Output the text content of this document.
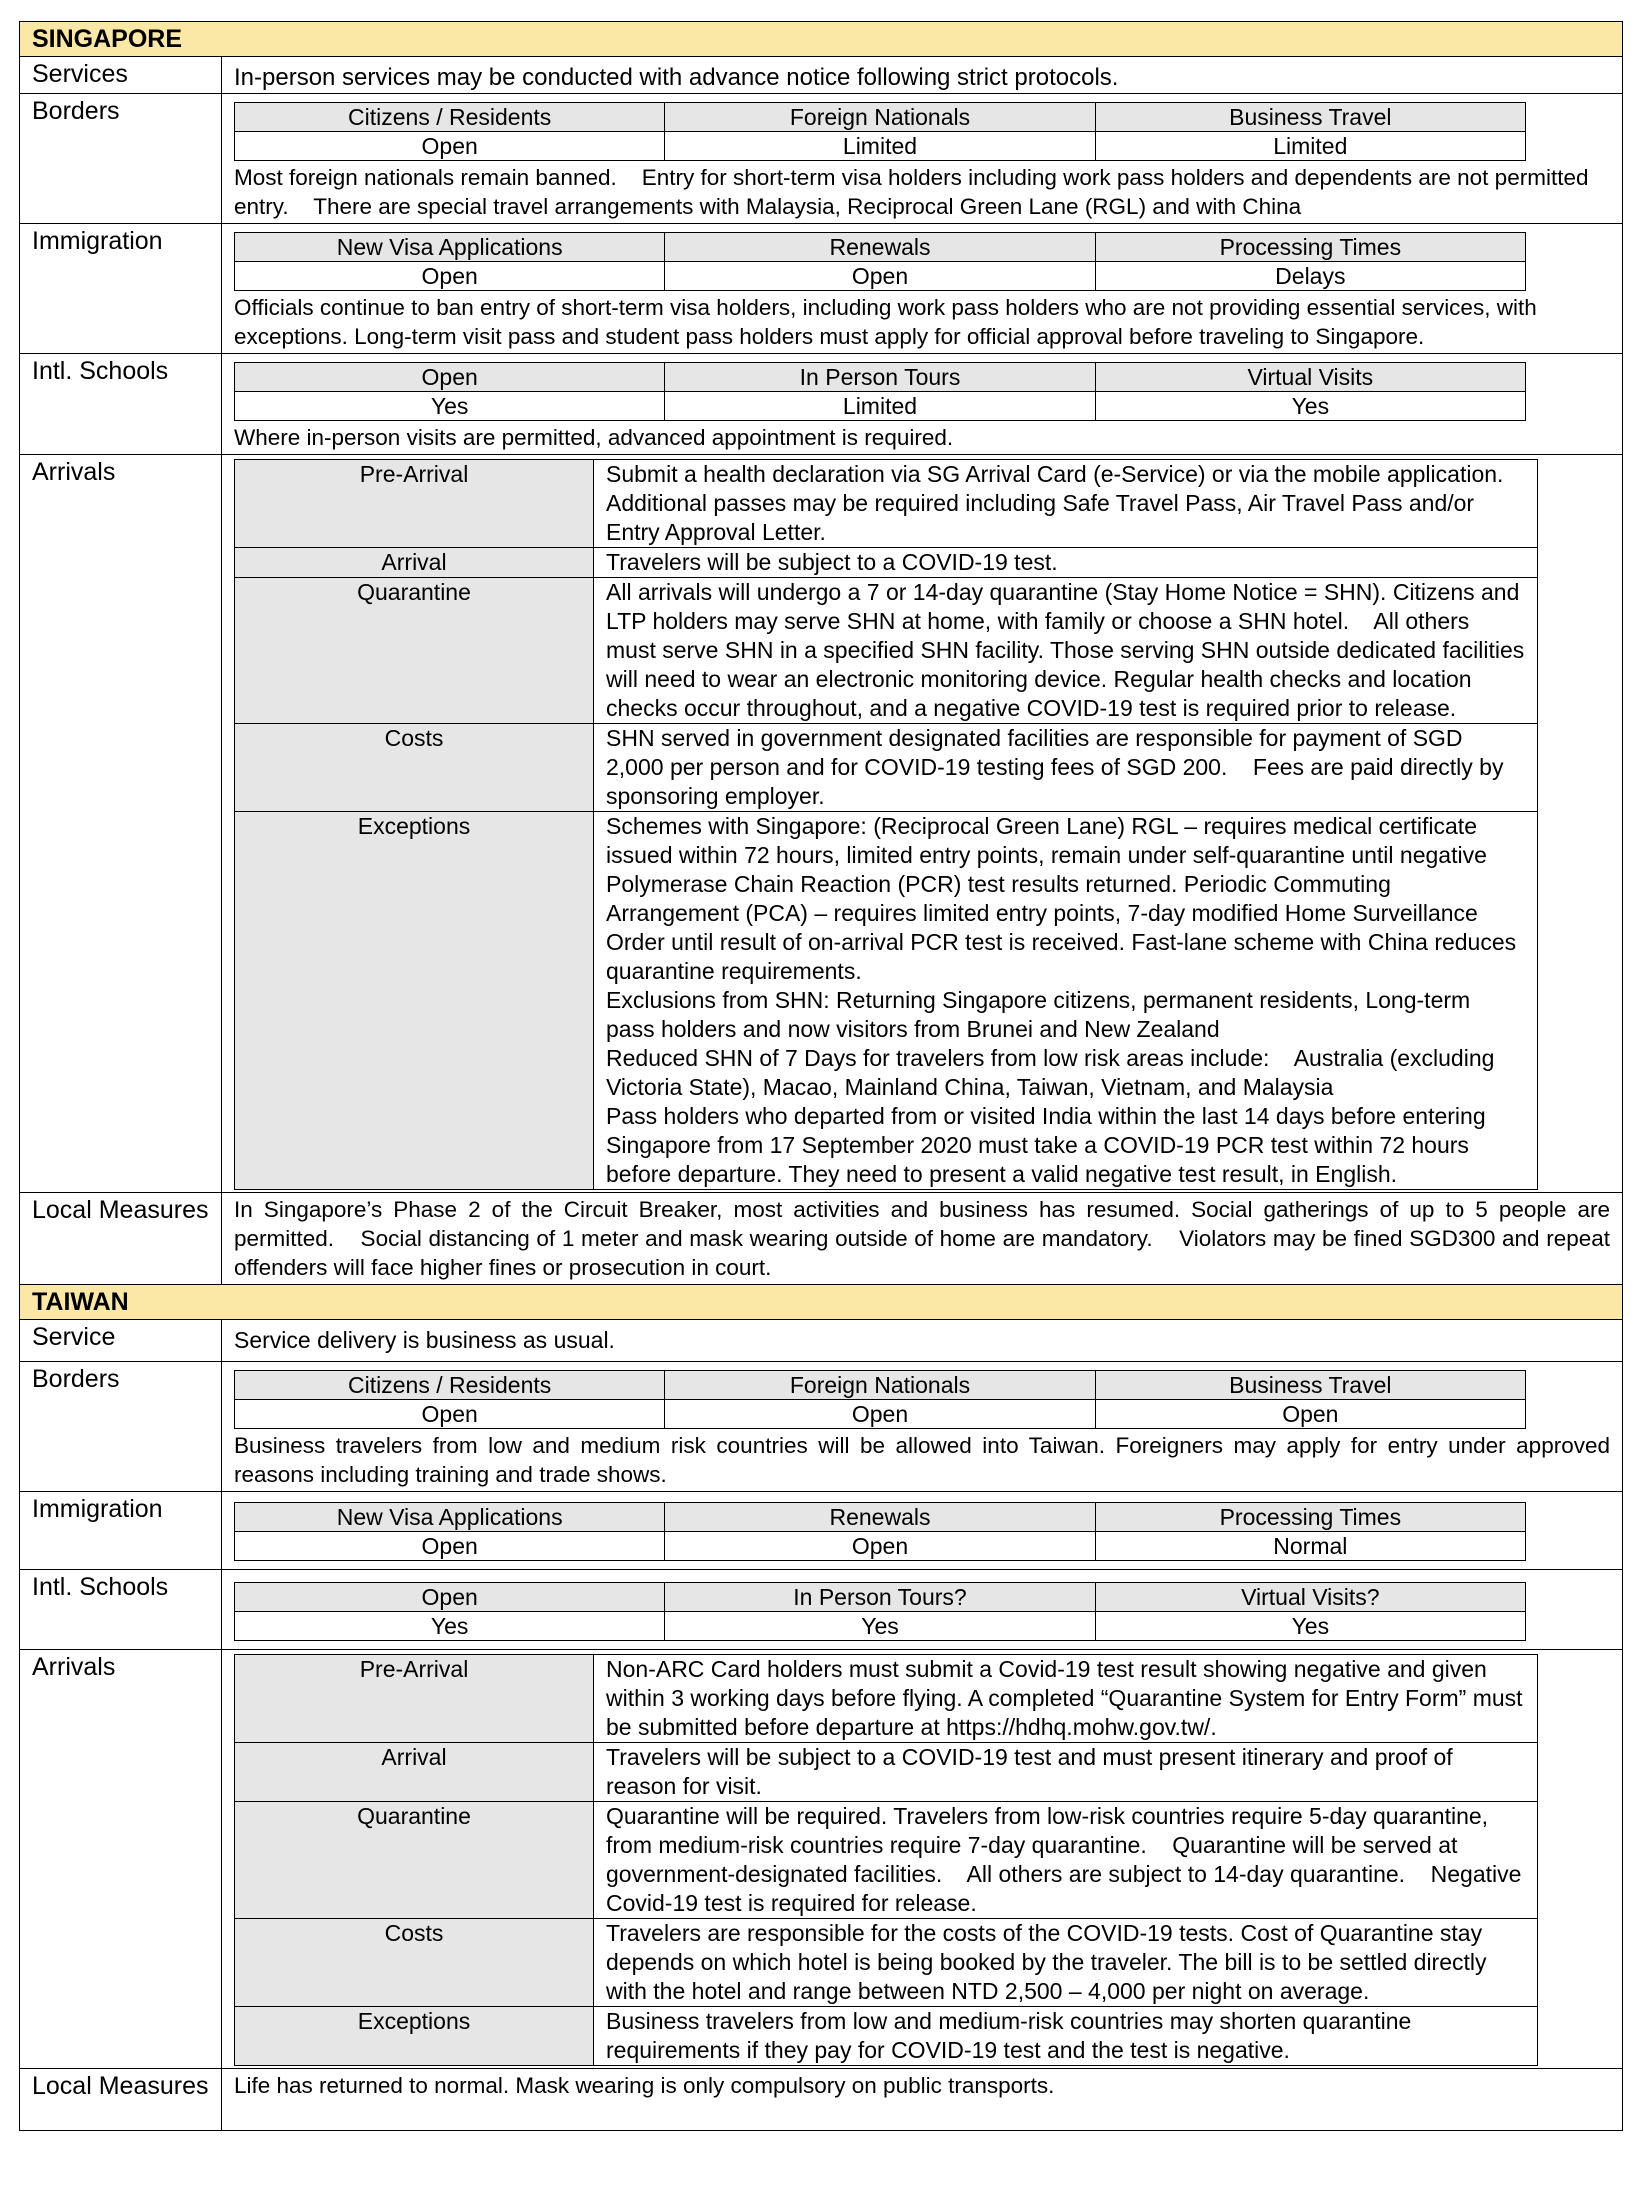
SINGAPORE
Services	In-person services may be conducted with advance notice following strict protocols.

Borders		Citizens / Residents	Foreign Nationals	Business Travel
Open	Limited	Limited
Most foreign nationals remain banned.    Entry for short-term visa holders including work pass holders and dependents are not permitted entry.    There are special travel arrangements with Malaysia, Reciprocal Green Lane (RGL) and with China

Immigration		New Visa Applications	Renewals	Processing Times
Open	Open	Delays
Officials continue to ban entry of short-term visa holders, including work pass holders who are not providing essential services, with exceptions. Long-term visit pass and student pass holders must apply for official approval before traveling to Singapore.

Intl. Schools		Open	In Person Tours	Virtual Visits
Yes	Limited	Yes
Where in-person visits are permitted, advanced appointment is required.

Arrivals		Pre-Arrival	Submit a health declaration via SG Arrival Card (e-Service) or via the mobile application. Additional passes may be required including Safe Travel Pass, Air Travel Pass and/or Entry Approval Letter.
Arrival	Travelers will be subject to a COVID-19 test.
Quarantine	All arrivals will undergo a 7 or 14-day quarantine (Stay Home Notice = SHN). Citizens and LTP holders may serve SHN at home, with family or choose a SHN hotel.    All others must serve SHN in a specified SHN facility. Those serving SHN outside dedicated facilities will need to wear an electronic monitoring device. Regular health checks and location checks occur throughout, and a negative COVID-19 test is required prior to release.
Costs	SHN served in government designated facilities are responsible for payment of SGD 2,000 per person and for COVID-19 testing fees of SGD 200.    Fees are paid directly by sponsoring employer.
Exceptions	Schemes with Singapore: (Reciprocal Green Lane) RGL – requires medical certificate issued within 72 hours, limited entry points, remain under self-quarantine until negative Polymerase Chain Reaction (PCR) test results returned. Periodic Commuting Arrangement (PCA) – requires limited entry points, 7-day modified Home Surveillance Order until result of on-arrival PCR test is received. Fast-lane scheme with China reduces quarantine requirements.
Exclusions from SHN: Returning Singapore citizens, permanent residents, Long-term pass holders and now visitors from Brunei and New Zealand
Reduced SHN of 7 Days for travelers from low risk areas include:    Australia (excluding Victoria State), Macao, Mainland China, Taiwan, Vietnam, and Malaysia
Pass holders who departed from or visited India within the last 14 days before entering Singapore from 17 September 2020 must take a COVID-19 PCR test within 72 hours before departure. They need to present a valid negative test result, in English.

Local Measures	In Singapore’s Phase 2 of the Circuit Breaker, most activities and business has resumed. Social gatherings of up to 5 people are permitted.    Social distancing of 1 meter and mask wearing outside of home are mandatory.    Violators may be fined SGD300 and repeat offenders will face higher fines or prosecution in court.

TAIWAN
Service	Service delivery is business as usual.

Borders		Citizens / Residents	Foreign Nationals	Business Travel
Open	Open	Open
Business travelers from low and medium risk countries will be allowed into Taiwan. Foreigners may apply for entry under approved reasons including training and trade shows.

Immigration		New Visa Applications	Renewals	Processing Times
Open	Open	Normal

Intl. Schools		Open	In Person Tours?	Virtual Visits?
Yes	Yes	Yes

Arrivals		Pre-Arrival	Non-ARC Card holders must submit a Covid-19 test result showing negative and given within 3 working days before flying. A completed “Quarantine System for Entry Form” must be submitted before departure at https://hdhq.mohw.gov.tw/.
Arrival	Travelers will be subject to a COVID-19 test and must present itinerary and proof of reason for visit.
Quarantine	Quarantine will be required. Travelers from low-risk countries require 5-day quarantine, from medium-risk countries require 7-day quarantine.    Quarantine will be served at government-designated facilities.    All others are subject to 14-day quarantine.    Negative Covid-19 test is required for release.
Costs	Travelers are responsible for the costs of the COVID-19 tests. Cost of Quarantine stay depends on which hotel is being booked by the traveler. The bill is to be settled directly with the hotel and range between NTD 2,500 – 4,000 per night on average.
Exceptions	Business travelers from low and medium-risk countries may shorten quarantine requirements if they pay for COVID-19 test and the test is negative.

Local Measures	Life has returned to normal. Mask wearing is only compulsory on public transports.
